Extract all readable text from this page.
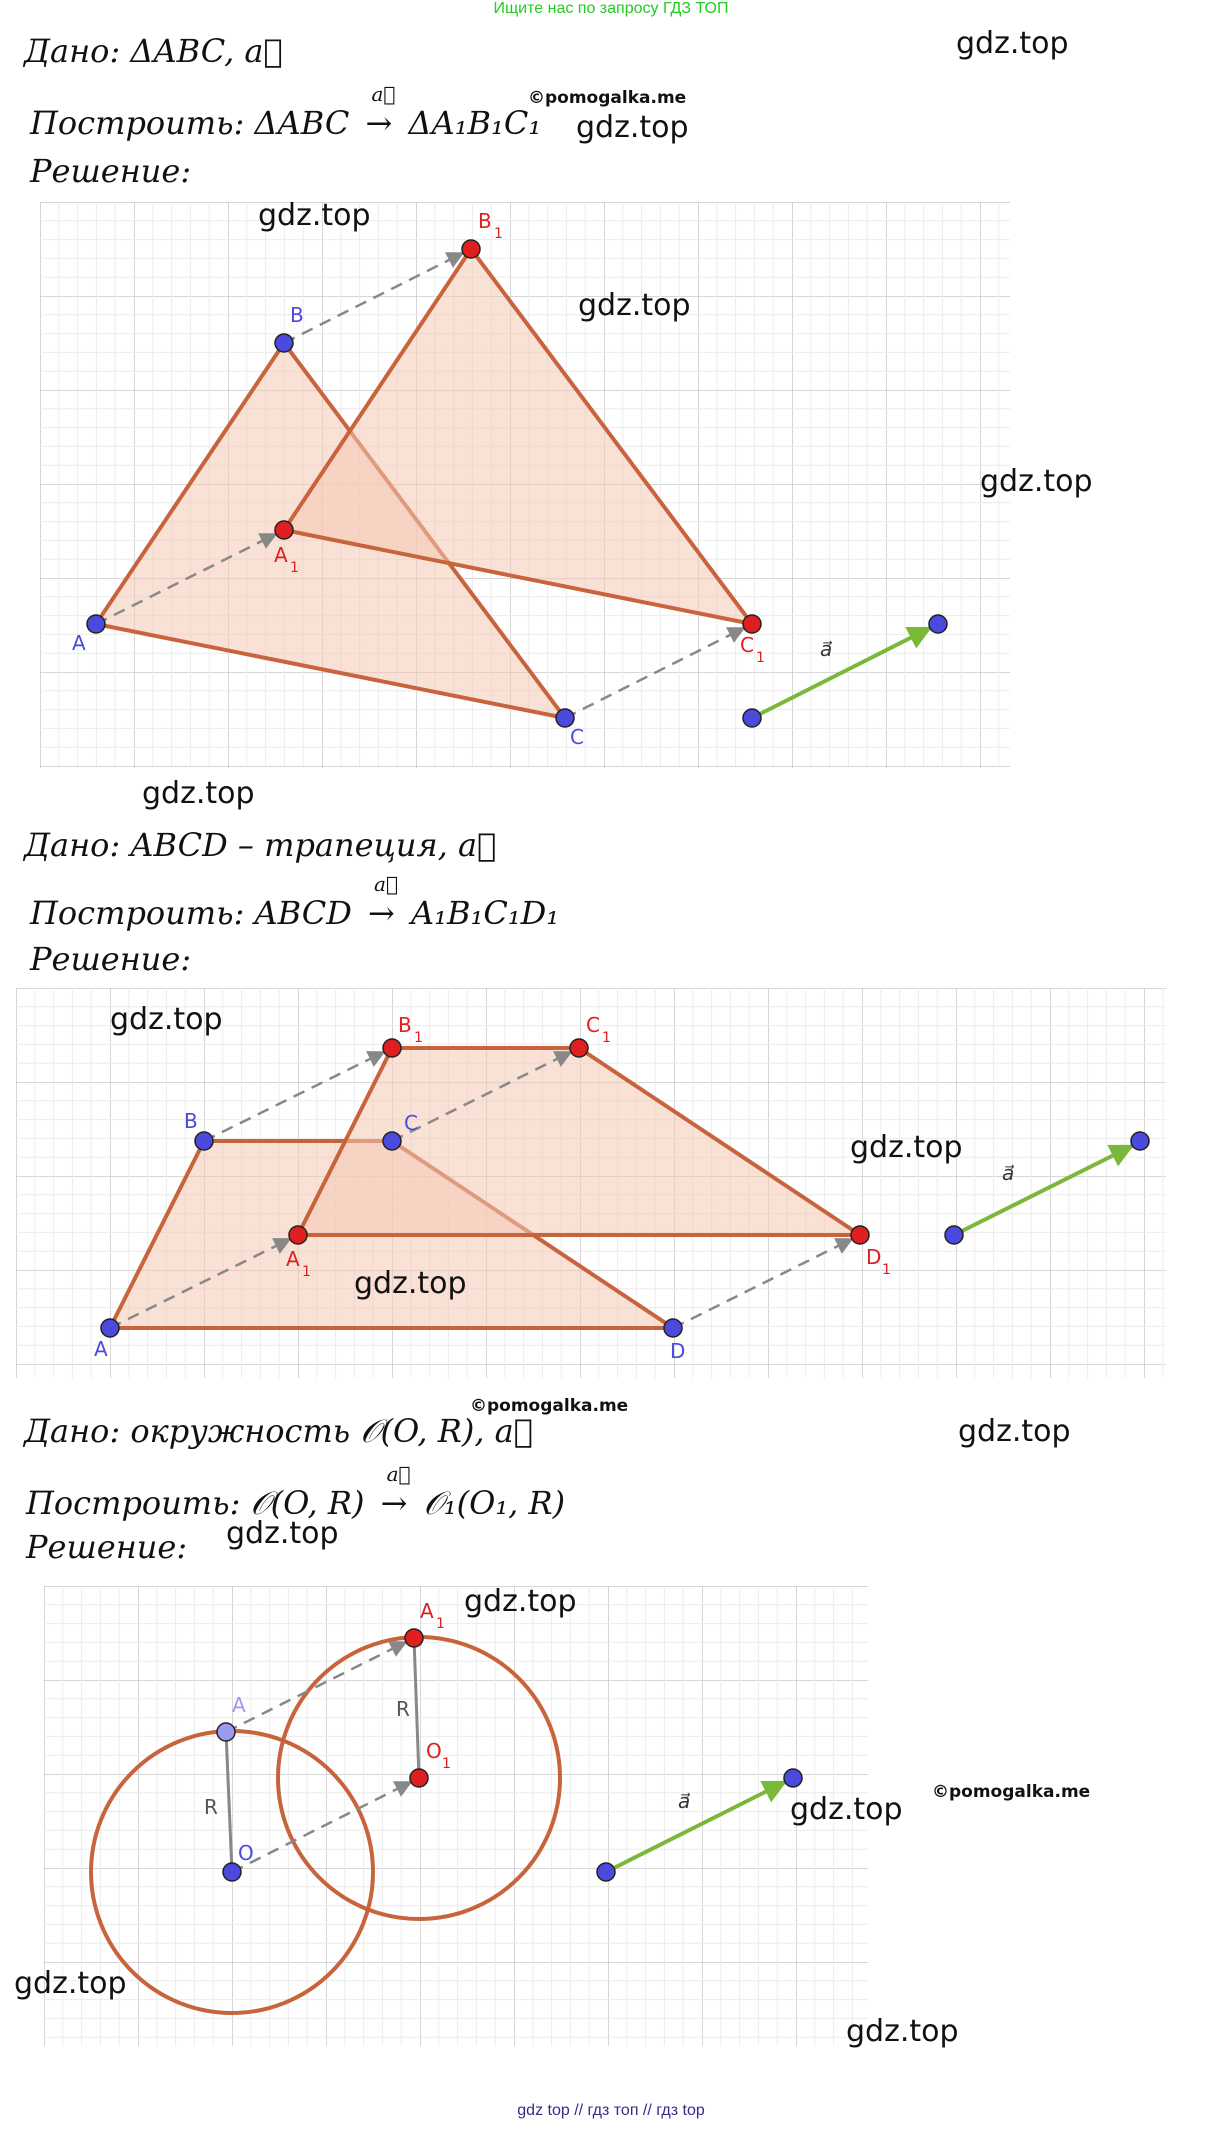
Ищите нас по запросу ГДЗ ТОП
Дано: ΔABC, a⃗
Построить: ΔABC →
a⃗
ΔA₁B₁C₁
Решение:
A
B
C
A
1
B
1
C
1	a⃗
A
B	C
D
A
1
B
1
C
1
D
1
a⃗
O
A
O
1
A
1
R
R
a⃗
Дано: ABCD – трапеция, a⃗
Построить: ABCD →
a⃗
A₁B₁C₁D₁
Решение:
Дано: окружность 𝒪(O, R), a⃗
Построить: 𝒪(O, R) →
a⃗
𝒪₁(O₁, R)
Решение:
gdz.top
©pomogalka.me
gdz.top
gdz.top
gdz.top
gdz.top
gdz.top
gdz.top
gdz.top
gdz.top
©pomogalka.me
gdz.top
gdz.top
gdz.top
©pomogalka.me
gdz.top
gdz.top
gdz.top
gdz top // гдз топ // гдз top
